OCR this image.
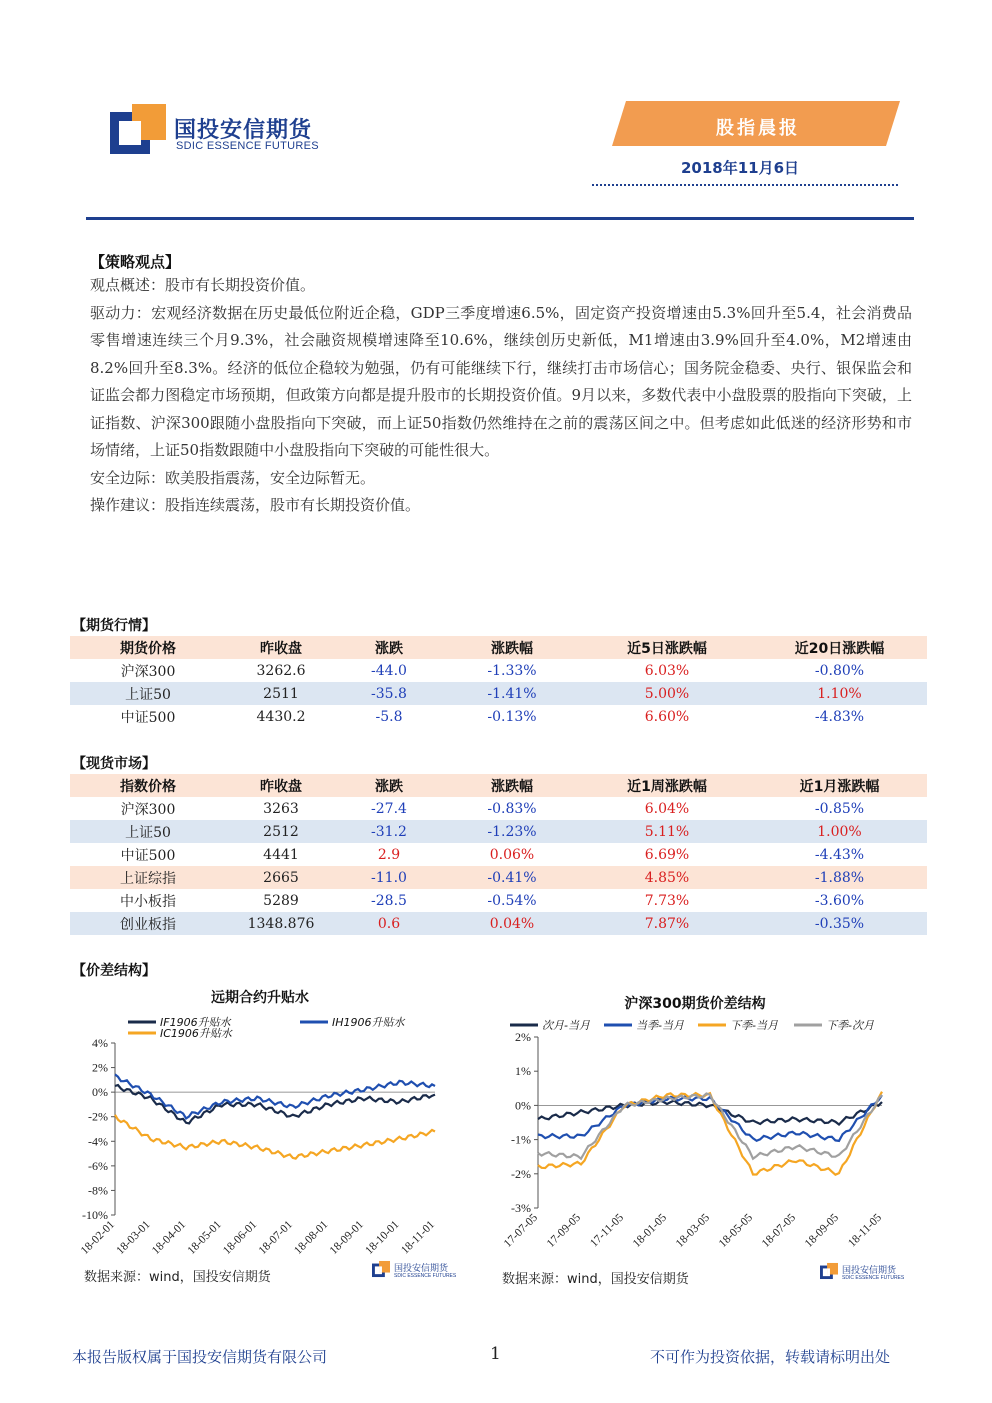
国投安信期货
SDIC ESSENCE FUTURES
股指晨报
2018年11月6日
【策略观点】
观点概述：股市有长期投资价值。
驱动力：宏观经济数据在历史最低位附近企稳，GDP三季度增速6.5%，固定资产投资增速由5.3%回升至5.4，社会消费品零售增速连续三个月9.3%，社会融资规模增速降至10.6%，继续创历史新低，M1增速由3.9%回升至4.0%，M2增速由8.2%回升至8.3%。经济的低位企稳较为勉强，仍有可能继续下行，继续打击市场信心；国务院金稳委、央行、银保监会和证监会都力图稳定市场预期，但政策方向都是提升股市的长期投资价值。9月以来，多数代表中小盘股票的股指向下突破，上证指数、沪深300跟随小盘股指向下突破，而上证50指数仍然维持在之前的震荡区间之中。但考虑如此低迷的经济形势和市场情绪，上证50指数跟随中小盘股指向下突破的可能性很大。
安全边际：欧美股指震荡，安全边际暂无。
操作建议：股指连续震荡，股市有长期投资价值。
【期货行情】
期货价格	昨收盘	涨跌	涨跌幅	近5日涨跌幅	近20日涨跌幅
沪深300	3262.6	-44.0	-1.33%	6.03%	-0.80%
上证50	2511	-35.8	-1.41%	5.00%	1.10%
中证500	4430.2	-5.8	-0.13%	6.60%	-4.83%
【现货市场】
指数价格	昨收盘	涨跌	涨跌幅	近1周涨跌幅	近1月涨跌幅
沪深300	3263	-27.4	-0.83%	6.04%	-0.85%
上证50	2512	-31.2	-1.23%	5.11%	1.00%
中证500	4441	2.9	0.06%	6.69%	-4.43%
上证综指	2665	-11.0	-0.41%	4.85%	-1.88%
中小板指	5289	-28.5	-0.54%	7.73%	-3.60%
创业板指	1348.876	0.6	0.04%	7.87%	-0.35%
【价差结构】
远期合约升贴水
4%
2%
0%
-2%
-4%
-6%
-8%
-10%
18-02-01
18-03-01
18-04-01
18-05-01
18-06-01
18-07-01
18-08-01
18-09-01
18-10-01
18-11-01
IF1906升贴水	IH1906升贴水
IC1906升贴水
沪深300期货价差结构
2%
1%
0%
-1%
-2%
-3%
17-07-05 17-09-05 17-11-05 18-01-05 18-03-05 18-05-05 18-07-05 18-09-05 18-11-05
次月-当月	当季-当月	下季-当月	下季-次月
数据来源：wind，国投安信期货	数据来源：wind，国投安信期货
国投安信期货
SDIC ESSENCE FUTURES	国投安信期货
SDIC ESSENCE FUTURES
本报告版权属于国投安信期货有限公司	1	不可作为投资依据，转载请标明出处
